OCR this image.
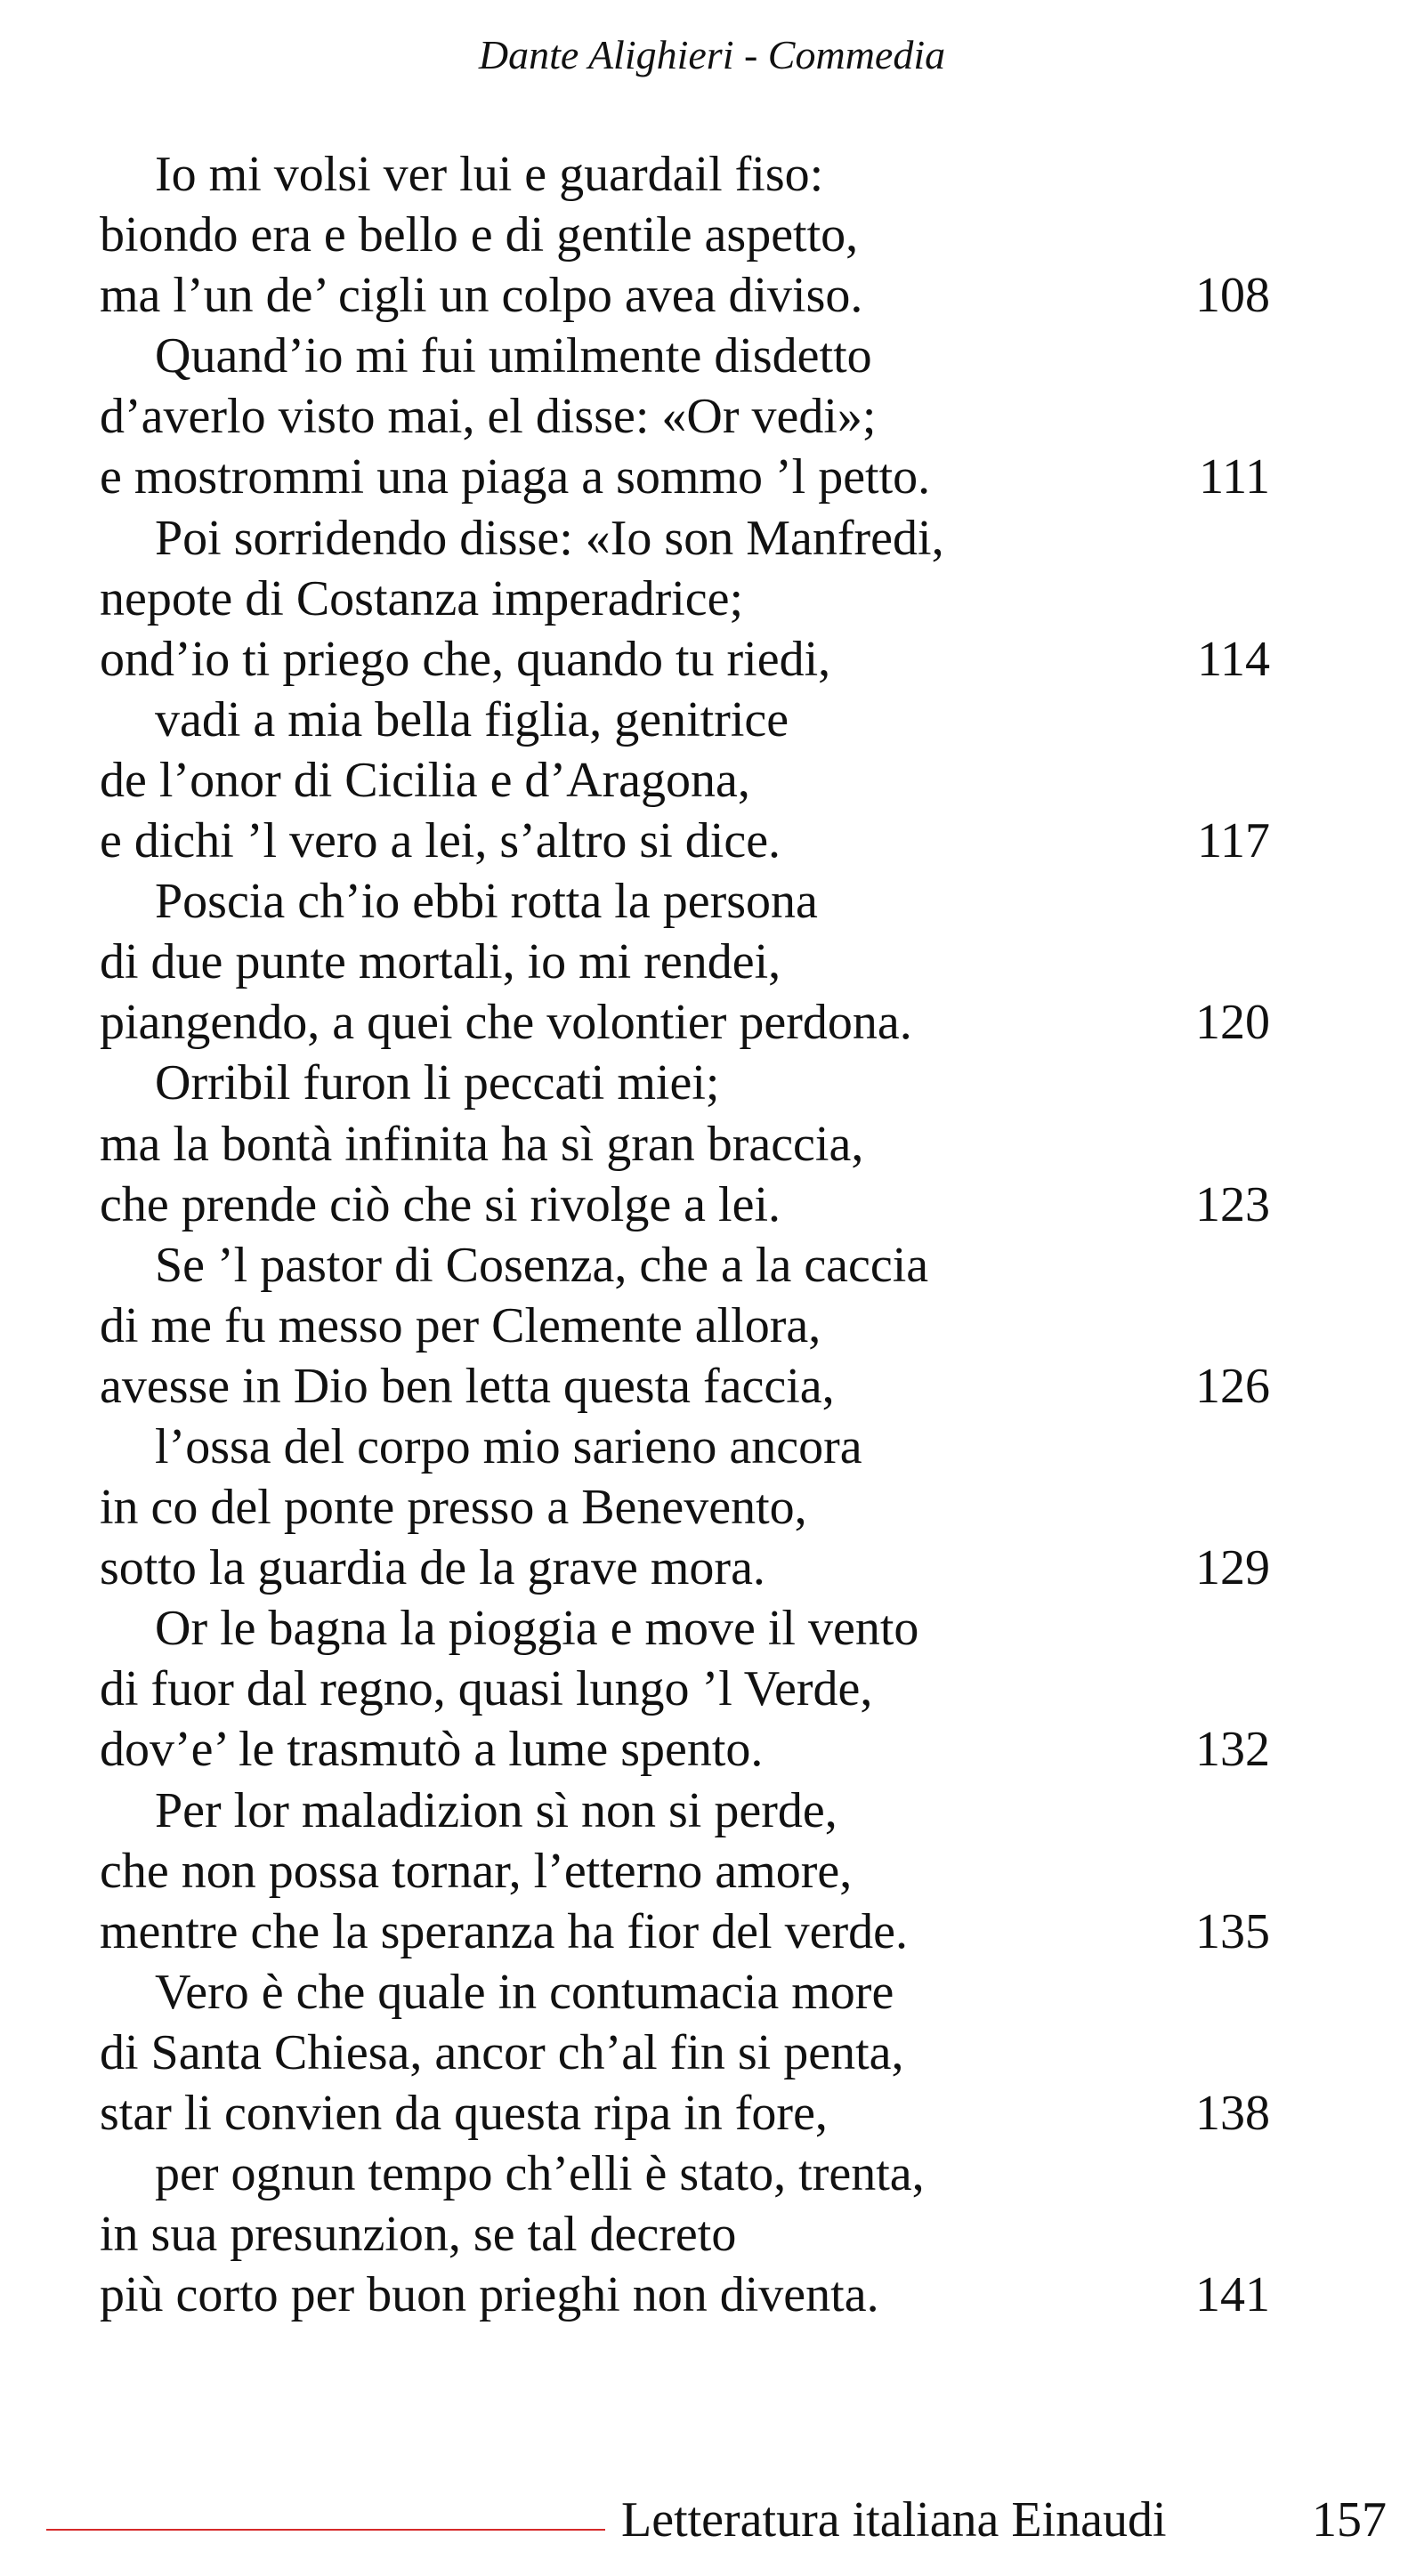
Dante Alighieri - Commedia
Io mi volsi ver lui e guardail fiso:
biondo era e bello e di gentile aspetto,
ma l’un de’ cigli un colpo avea diviso.	108
Quand’io mi fui umilmente disdetto
d’averlo visto mai, el disse: «Or vedi»;
e mostrommi una piaga a sommo ’l petto.	111
Poi sorridendo disse: «Io son Manfredi,
nepote di Costanza imperadrice;
ond’io ti priego che, quando tu riedi,	114
vadi a mia bella figlia, genitrice
de l’onor di Cicilia e d’Aragona,
e dichi ’l vero a lei, s’altro si dice.	117
Poscia ch’io ebbi rotta la persona
di due punte mortali, io mi rendei,
piangendo, a quei che volontier perdona.	120
Orribil furon li peccati miei;
ma la bontà infinita ha sì gran braccia,
che prende ciò che si rivolge a lei.	123
Se ’l pastor di Cosenza, che a la caccia
di me fu messo per Clemente allora,
avesse in Dio ben letta questa faccia,	126
l’ossa del corpo mio sarieno ancora
in co del ponte presso a Benevento,
sotto la guardia de la grave mora.	129
Or le bagna la pioggia e move il vento
di fuor dal regno, quasi lungo ’l Verde,
dov’e’ le trasmutò a lume spento.	132
Per lor maladizion sì non si perde,
che non possa tornar, l’etterno amore,
mentre che la speranza ha fior del verde.	135
Vero è che quale in contumacia more
di Santa Chiesa, ancor ch’al fin si penta,
star li convien da questa ripa in fore,	138
per ognun tempo ch’elli è stato, trenta,
in sua presunzion, se tal decreto
più corto per buon prieghi non diventa.	141
Letteratura italiana Einaudi	157
